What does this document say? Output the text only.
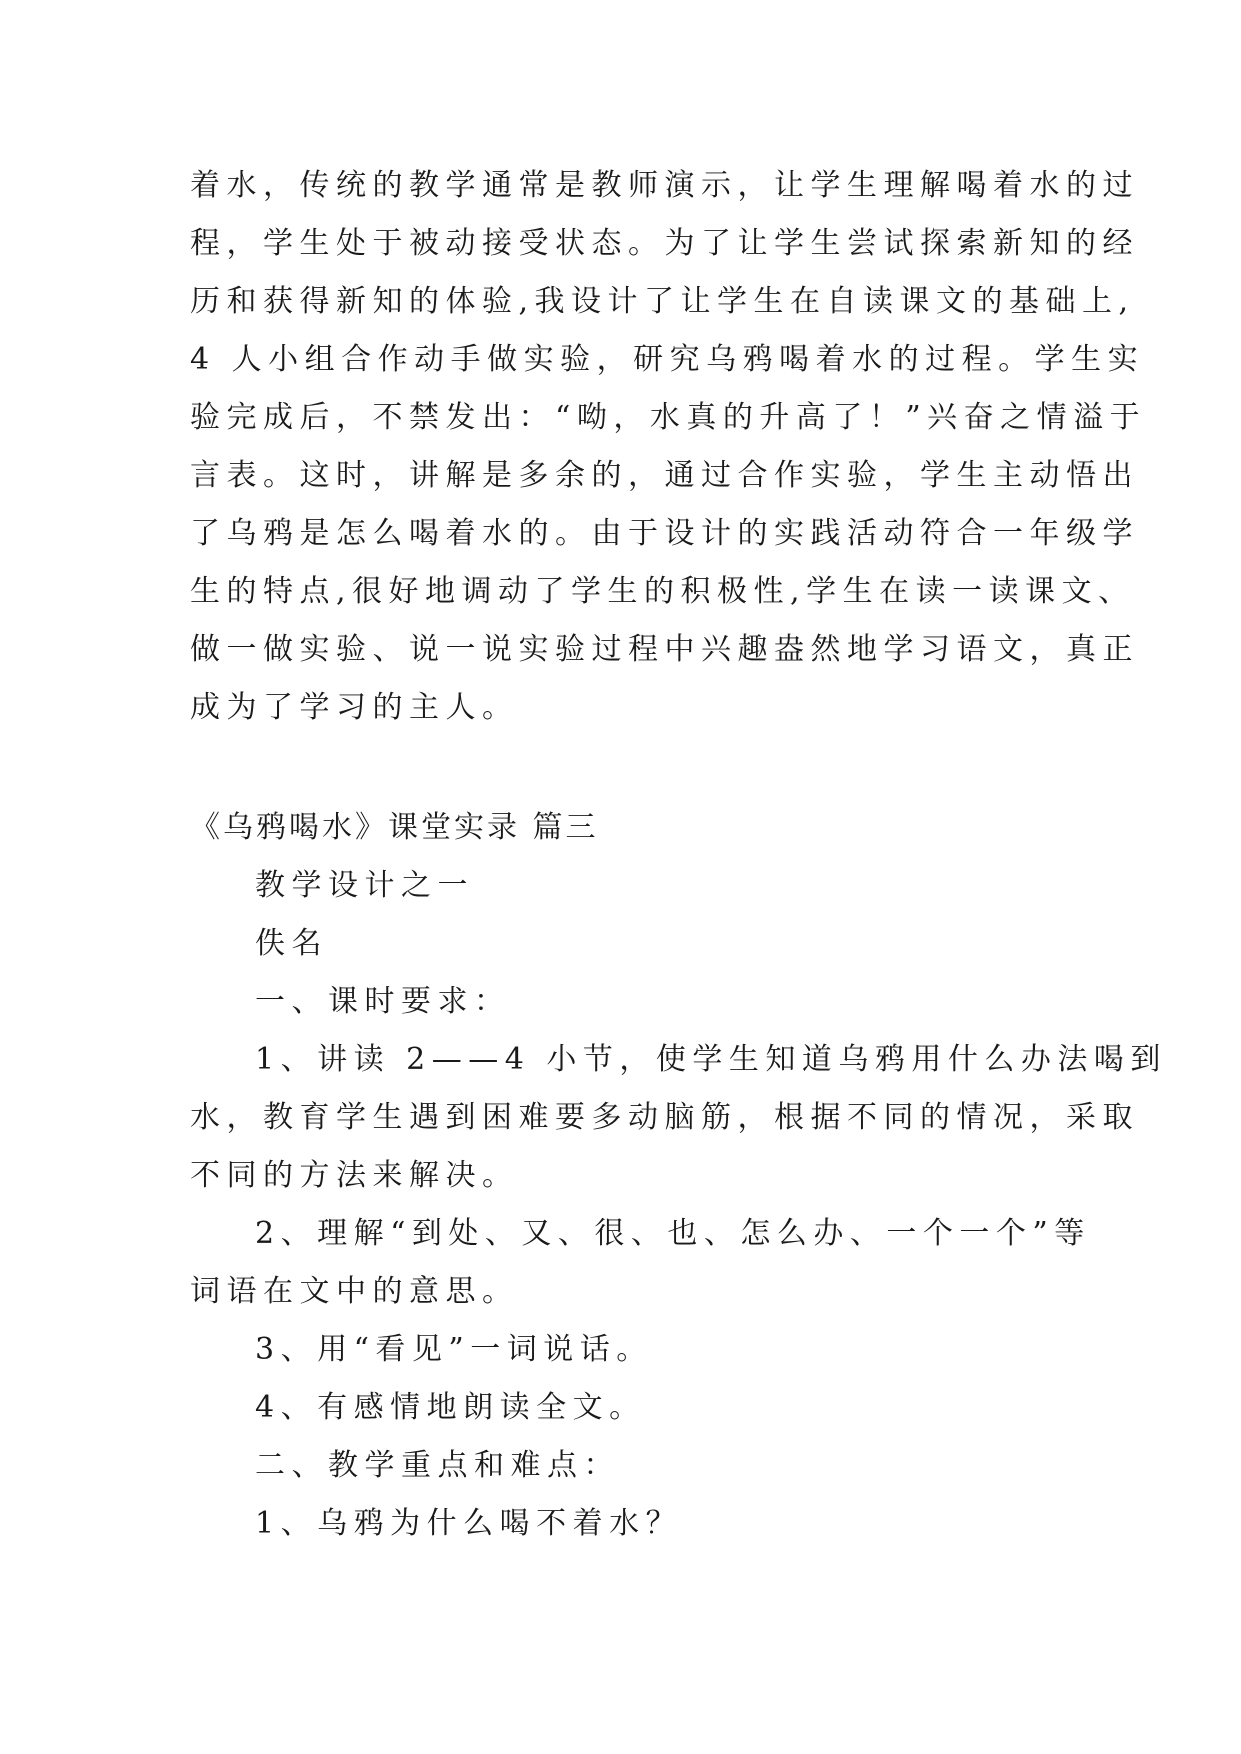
着水，传统的教学通常是教师演示，让学生理解喝着水的过
程，学生处于被动接受状态。为了让学生尝试探索新知的经
历和获得新知的体验,我设计了让学生在自读课文的基础上,
4 人小组合作动手做实验，研究乌鸦喝着水的过程。学生实
验完成后，不禁发出：“呦，水真的升高了！”兴奋之情溢于
言表。这时，讲解是多余的，通过合作实验，学生主动悟出
了乌鸦是怎么喝着水的。由于设计的实践活动符合一年级学
生的特点,很好地调动了学生的积极性,学生在读一读课文、
做一做实验、说一说实验过程中兴趣盎然地学习语文，真正
成为了学习的主人。
《乌鸦喝水》课堂实录 篇三
教学设计之一
佚名
一、课时要求：
1、讲读 2——4 小节，使学生知道乌鸦用什么办法喝到
水，教育学生遇到困难要多动脑筋，根据不同的情况，采取
不同的方法来解决。
2、理解“到处、又、很、也、怎么办、一个一个”等
词语在文中的意思。
3、用“看见”一词说话。
4、有感情地朗读全文。
二、教学重点和难点：
1、乌鸦为什么喝不着水？
